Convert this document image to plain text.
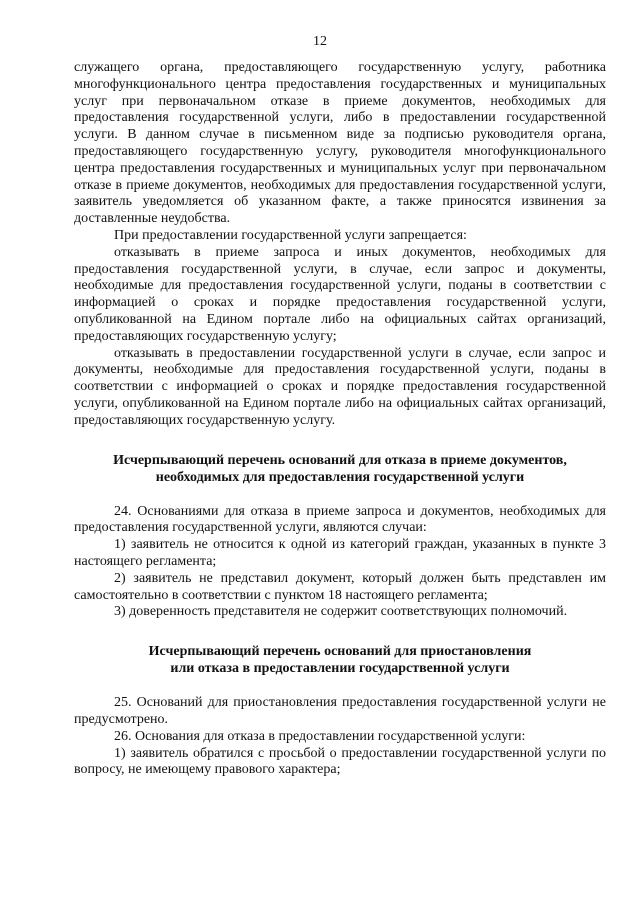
12

служащего органа, предоставляющего государственную услугу, работника многофункционального центра предоставления государственных и муниципальных услуг при первоначальном отказе в приеме документов, необходимых для предоставления государственной услуги, либо в предоставлении государственной услуги. В данном случае в письменном виде за подписью руководителя органа, предоставляющего государственную услугу, руководителя многофункционального центра предоставления государственных и муниципальных услуг при первоначальном отказе в приеме документов, необходимых для предоставления государственной услуги, заявитель уведомляется об указанном факте, а также приносятся извинения за доставленные неудобства.

При предоставлении государственной услуги запрещается:

отказывать в приеме запроса и иных документов, необходимых для предоставления государственной услуги, в случае, если запрос и документы, необходимые для предоставления государственной услуги, поданы в соответствии с информацией о сроках и порядке предоставления государственной услуги, опубликованной на Едином портале либо на официальных сайтах организаций, предоставляющих государственную услугу;

отказывать в предоставлении государственной услуги в случае, если запрос и документы, необходимые для предоставления государственной услуги, поданы в соответствии с информацией о сроках и порядке предоставления государственной услуги, опубликованной на Едином портале либо на официальных сайтах организаций, предоставляющих государственную услугу.

Исчерпывающий перечень оснований для отказа в приеме документов,
необходимых для предоставления государственной услуги

24. Основаниями для отказа в приеме запроса и документов, необходимых для предоставления государственной услуги, являются случаи:

1) заявитель не относится к одной из категорий граждан, указанных в пункте 3 настоящего регламента;

2) заявитель не представил документ, который должен быть представлен им самостоятельно в соответствии с пунктом 18 настоящего регламента;

3) доверенность представителя не содержит соответствующих полномочий.

Исчерпывающий перечень оснований для приостановления
или отказа в предоставлении государственной услуги

25. Оснований для приостановления предоставления государственной услуги не предусмотрено.

26. Основания для отказа в предоставлении государственной услуги:

1) заявитель обратился с просьбой о предоставлении государственной услуги по вопросу, не имеющему правового характера;
